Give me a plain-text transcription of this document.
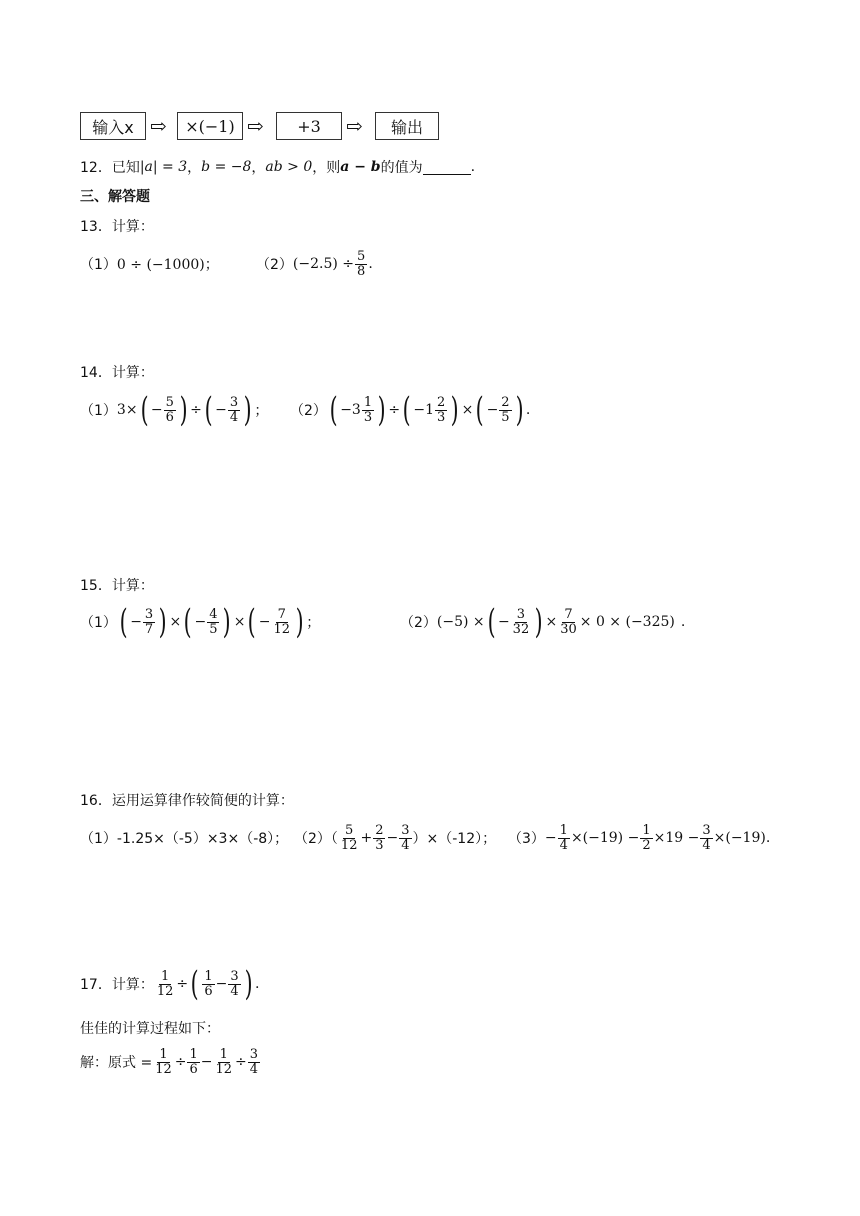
输入x ⇨ ×(−1) ⇨ +3 ⇨ 输出
12． 已知 |a| = 3 ， b = −8 ， ab > 0 ，则 a − b 的值为	.
三、解答题
13．计算：
（1） 0 ÷ (−1000)；	（2） $(-2.5) \div \frac{5}{8}$ .
14．计算：
（1） 3× ( − $\frac{5}{6}$ ) ÷ ( − $\frac{3}{4}$ ) ； （2） ( $-3 \frac{1}{3}$ ) ÷ ( $-1 \frac{2}{3}$ ) × ( − $\frac{2}{5}$ ) .
15．计算：
（1） ( − $\frac{3}{7}$ ) × ( − $\frac{4}{5}$ ) × ( − $\frac{7}{12}$ ) ；	（2） (−5) × ( − $\frac{3}{32}$ ) × $\frac{7}{30} \times 0 \times (-325)$ .
16．运用运算律作较简便的计算：
（1）-1.25×（-5）×3×（-8）； $(2)( \frac{5}{12} + \frac{2}{3} - \frac{3}{4} )\times(-12)$； $(3) - \frac{1}{4} \times(-19) - \frac{1}{2} \times 19 - \frac{3}{4} \times(-19)$ .
17．计算： $\frac{1}{12}$ ÷ ( $\frac{1}{6} - \frac{3}{4}$ ) .
佳佳的计算过程如下：
解：原式 = $\frac{1}{12} \div \frac{1}{6} - \frac{1}{12} \div \frac{3}{4}$
